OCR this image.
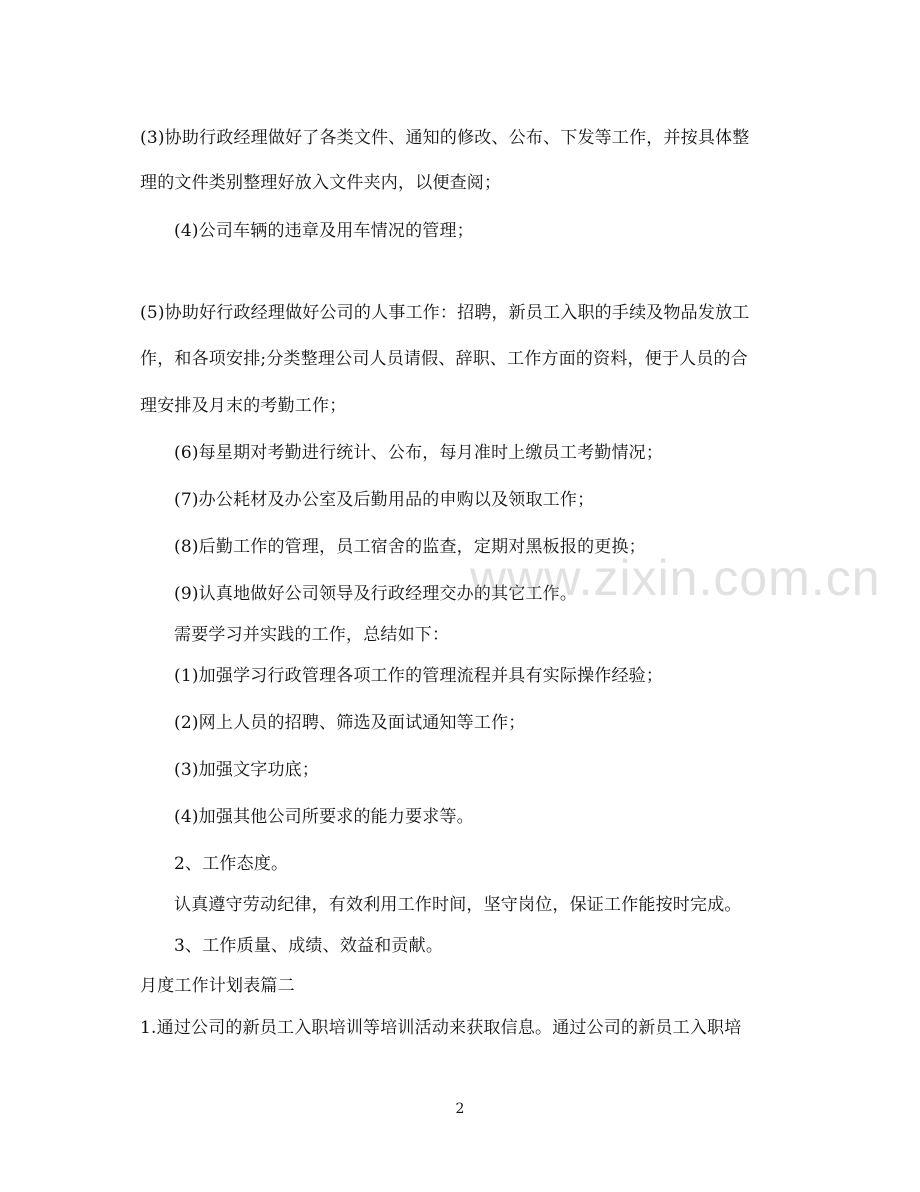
(3)协助行政经理做好了各类文件、通知的修改、公布、下发等工作，并按具体整
理的文件类别整理好放入文件夹内，以便查阅；
(4)公司车辆的违章及用车情况的管理；
(5)协助好行政经理做好公司的人事工作：招聘，新员工入职的手续及物品发放工
作，和各项安排;分类整理公司人员请假、辞职、工作方面的资料，便于人员的合
理安排及月末的考勤工作；
(6)每星期对考勤进行统计、公布，每月准时上缴员工考勤情况；
(7)办公耗材及办公室及后勤用品的申购以及领取工作；
(8)后勤工作的管理，员工宿舍的监查，定期对黑板报的更换；
(9)认真地做好公司领导及行政经理交办的其它工作。
需要学习并实践的工作，总结如下：
(1)加强学习行政管理各项工作的管理流程并具有实际操作经验；
(2)网上人员的招聘、筛选及面试通知等工作；
(3)加强文字功底；
(4)加强其他公司所要求的能力要求等。
2、工作态度。
认真遵守劳动纪律，有效利用工作时间，坚守岗位，保证工作能按时完成。
3、工作质量、成绩、效益和贡献。
月度工作计划表篇二
1.通过公司的新员工入职培训等培训活动来获取信息。通过公司的新员工入职培
www.zixin.com.cn
2
